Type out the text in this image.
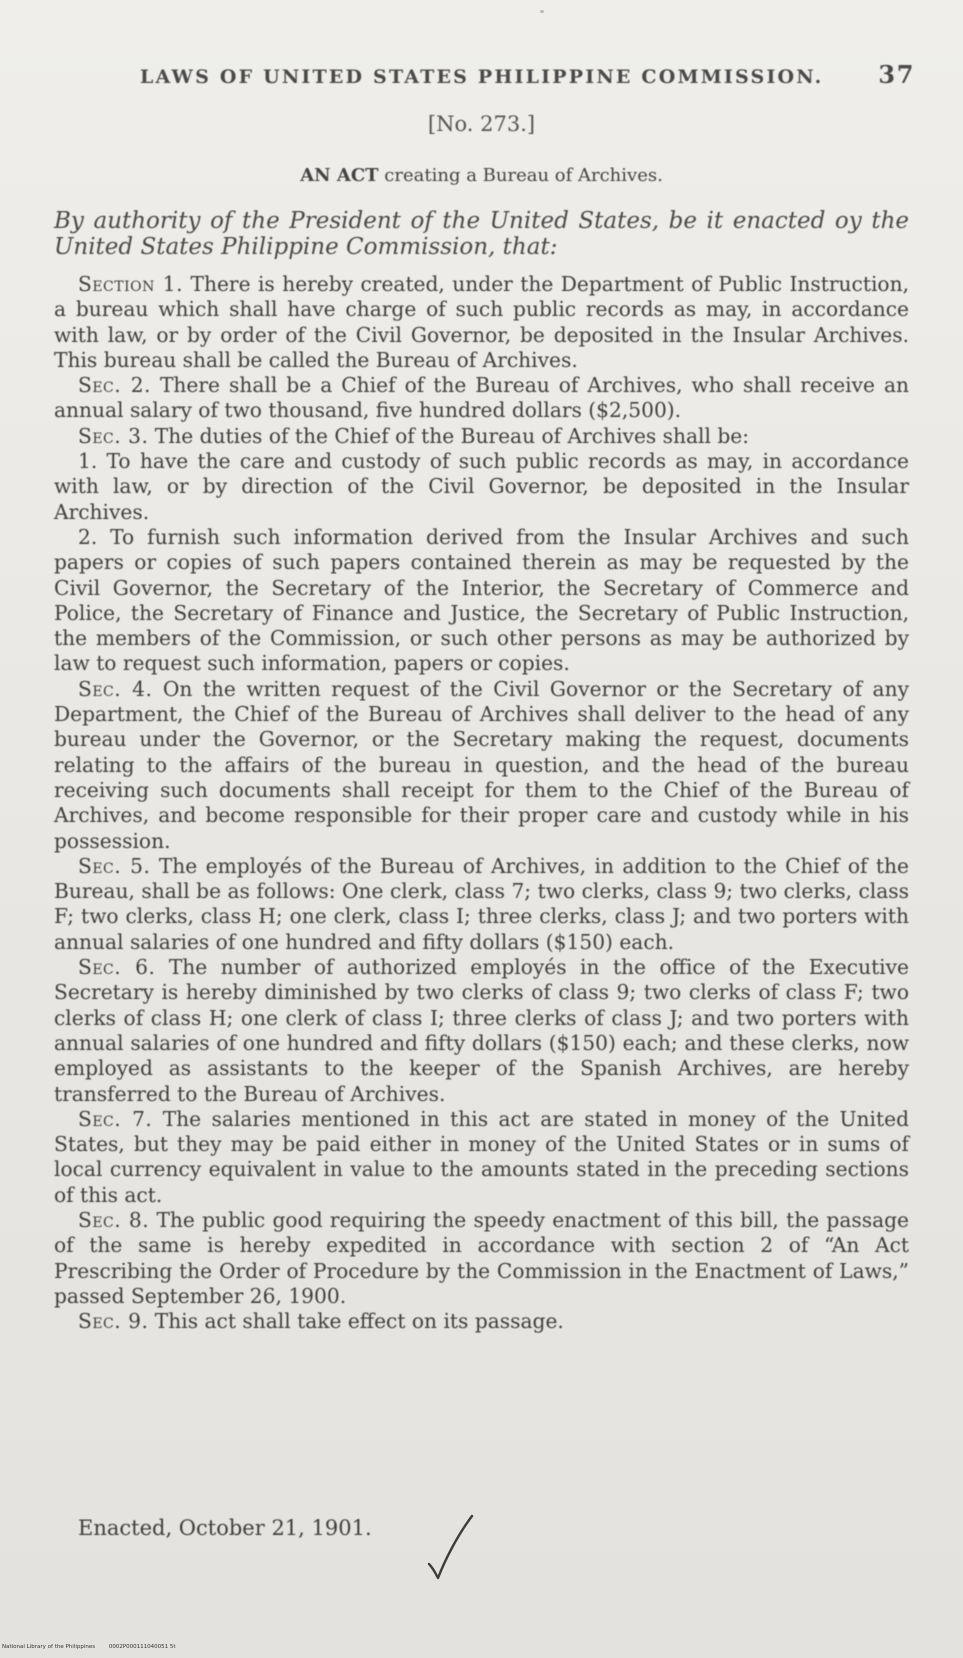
LAWS OF UNITED STATES PHILIPPINE COMMISSION. 37
[No. 273.]
AN ACT creating a Bureau of Archives.
By authority of the President of the United States, be it enacted oy the United States Philippine Commission, that:

Section 1. There is hereby created, under the Department of Public Instruction, a bureau which shall have charge of such public records as may, in accordance with law, or by order of the Civil Governor, be deposited in the Insular Archives. This bureau shall be called the Bureau of Archives.

Sec. 2. There shall be a Chief of the Bureau of Archives, who shall receive an annual salary of two thousand, five hundred dollars ($2,500).

Sec. 3. The duties of the Chief of the Bureau of Archives shall be:

1. To have the care and custody of such public records as may, in accordance with law, or by direction of the Civil Governor, be deposited in the Insular Archives.

2. To furnish such information derived from the Insular Archives and such papers or copies of such papers contained therein as may be requested by the Civil Governor, the Secretary of the Interior, the Secretary of Commerce and Police, the Secretary of Finance and Justice, the Secretary of Public Instruction, the members of the Commission, or such other persons as may be authorized by law to request such information, papers or copies.

Sec. 4. On the written request of the Civil Governor or the Secretary of any Department, the Chief of the Bureau of Archives shall deliver to the head of any bureau under the Governor, or the Secretary making the request, documents relating to the affairs of the bureau in question, and the head of the bureau receiving such documents shall receipt for them to the Chief of the Bureau of Archives, and become responsible for their proper care and custody while in his possession.

Sec. 5. The employés of the Bureau of Archives, in addition to the Chief of the Bureau, shall be as follows: One clerk, class 7; two clerks, class 9; two clerks, class F; two clerks, class H; one clerk, class I; three clerks, class J; and two porters with annual salaries of one hundred and fifty dollars ($150) each.

Sec. 6. The number of authorized employés in the office of the Executive Secretary is hereby diminished by two clerks of class 9; two clerks of class F; two clerks of class H; one clerk of class I; three clerks of class J; and two porters with annual salaries of one hundred and fifty dollars ($150) each; and these clerks, now employed as assistants to the keeper of the Spanish Archives, are hereby transferred to the Bureau of Archives.

Sec. 7. The salaries mentioned in this act are stated in money of the United States, but they may be paid either in money of the United States or in sums of local currency equivalent in value to the amounts stated in the preceding sections of this act.

Sec. 8. The public good requiring the speedy enactment of this bill, the passage of the same is hereby expedited in accordance with section 2 of “An Act Prescribing the Order of Procedure by the Commission in the Enactment of Laws,” passed September 26, 1900.

Sec. 9. This act shall take effect on its passage.

Enacted, October 21, 1901.
National Library of the Philippines	0002P000111040051 5t
